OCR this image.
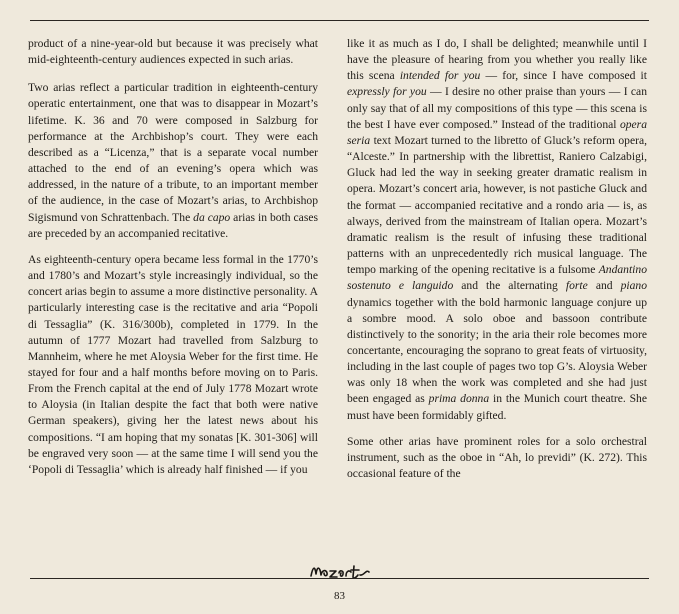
product of a nine-year-old but because it was precisely what mid-eighteenth-century audiences expected in such arias.

Two arias reflect a particular tradition in eighteenth-century operatic entertainment, one that was to disappear in Mozart’s lifetime. K. 36 and 70 were composed in Salzburg for performance at the Archbishop’s court. They were each described as a “Licenza,” that is a separate vocal number attached to the end of an evening’s opera which was addressed, in the nature of a tribute, to an important member of the audience, in the case of Mozart’s arias, to Archbishop Sigismund von Schrattenbach. The da capo arias in both cases are preceded by an accompanied recitative.

As eighteenth-century opera became less formal in the 1770’s and 1780’s and Mozart’s style increasingly individual, so the concert arias begin to assume a more distinctive personality. A particularly interesting case is the recitative and aria “Popoli di Tessaglia” (K. 316/300b), completed in 1779. In the autumn of 1777 Mozart had travelled from Salzburg to Mannheim, where he met Aloysia Weber for the first time. He stayed for four and a half months before moving on to Paris. From the French capital at the end of July 1778 Mozart wrote to Aloysia (in Italian despite the fact that both were native German speakers), giving her the latest news about his compositions. “I am hoping that my sonatas [K. 301-306] will be engraved very soon — at the same time I will send you the ‘Popoli di Tessaglia’ which is already half finished — if you

like it as much as I do, I shall be delighted; meanwhile until I have the pleasure of hearing from you whether you really like this scena intended for you — for, since I have composed it expressly for you — I desire no other praise than yours — I can only say that of all my compositions of this type — this scena is the best I have ever composed.” Instead of the traditional opera seria text Mozart turned to the libretto of Gluck’s reform opera, “Alceste.” In partnership with the librettist, Raniero Calzabigi, Gluck had led the way in seeking greater dramatic realism in opera. Mozart’s concert aria, however, is not pastiche Gluck and the format — accompanied recitative and a rondo aria — is, as always, derived from the mainstream of Italian opera. Mozart’s dramatic realism is the result of infusing these traditional patterns with an unprecedentedly rich musical language. The tempo marking of the opening recitative is a fulsome Andantino sostenuto e languido and the alternating forte and piano dynamics together with the bold harmonic language conjure up a sombre mood. A solo oboe and bassoon contribute distinctively to the sonority; in the aria their role becomes more concertante, encouraging the soprano to great feats of virtuosity, including in the last couple of pages two top G’s. Aloysia Weber was only 18 when the work was completed and she had just been engaged as prima donna in the Munich court theatre. She must have been formidably gifted.

Some other arias have prominent roles for a solo orchestral instrument, such as the oboe in “Ah, lo previdi” (K. 272). This occasional feature of the

83
